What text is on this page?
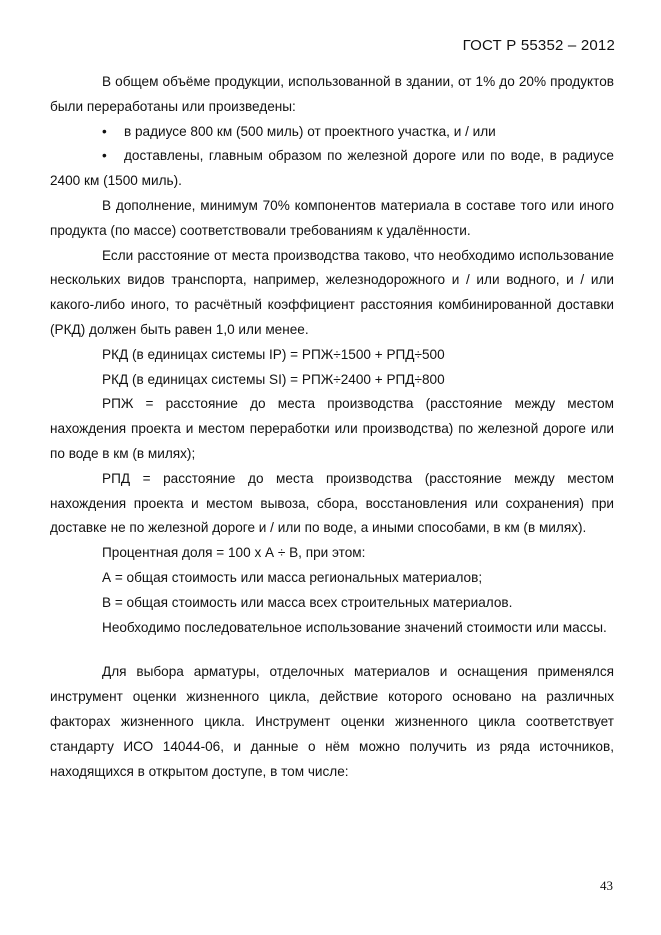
ГОСТ Р 55352 – 2012

В общем объёме продукции, использованной в здании, от 1% до 20% продуктов были переработаны или произведены:

• в радиусе 800 км (500 миль) от проектного участка, и / или

• доставлены, главным образом по железной дороге или по воде, в радиусе 2400 км (1500 миль).

В дополнение, минимум 70% компонентов материала в составе того или иного продукта (по массе) соответствовали требованиям к удалённости.

Если расстояние от места производства таково, что необходимо использование нескольких видов транспорта, например, железнодорожного и / или водного, и / или какого-либо иного, то расчётный коэффициент расстояния комбинированной доставки (РКД) должен быть равен 1,0 или менее.

РКД (в единицах системы IP) = РПЖ÷1500 + РПД÷500

РКД (в единицах системы SI) = РПЖ÷2400 + РПД÷800

РПЖ = расстояние до места производства (расстояние между местом нахождения проекта и местом переработки или производства) по железной дороге или по воде в км (в милях);

РПД = расстояние до места производства (расстояние между местом нахождения проекта и местом вывоза, сбора, восстановления или сохранения) при доставке не по железной дороге и / или по воде, а иными способами, в км (в милях).

Процентная доля = 100 х А ÷ В, при этом:

А = общая стоимость или масса региональных материалов;

В = общая стоимость или масса всех строительных материалов.

Необходимо последовательное использование значений стоимости или массы.

Для выбора арматуры, отделочных материалов и оснащения применялся инструмент оценки жизненного цикла, действие которого основано на различных факторах жизненного цикла. Инструмент оценки жизненного цикла соответствует стандарту ИСО 14044-06, и данные о нём можно получить из ряда источников, находящихся в открытом доступе, в том числе:

43
